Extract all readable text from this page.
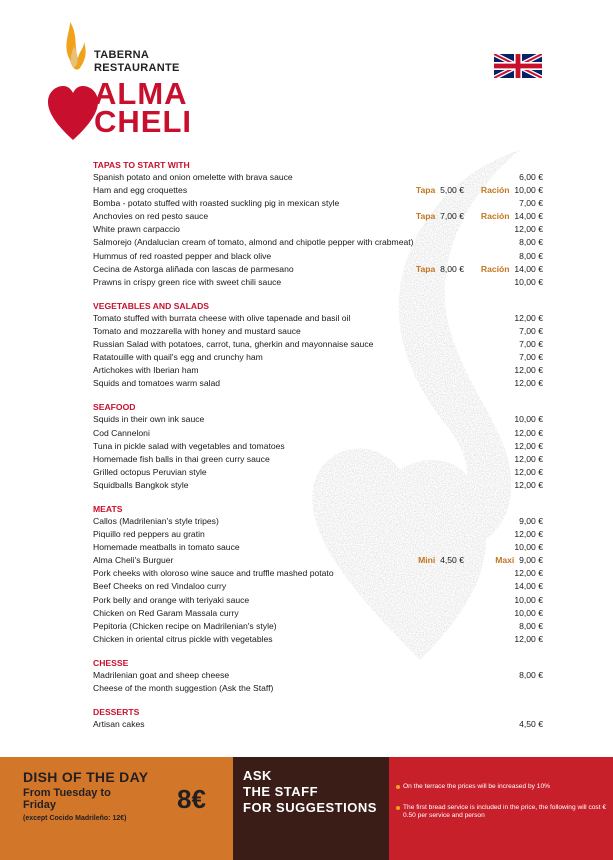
TABERNA
RESTAURANTE
ALMA
CHELI
TAPAS TO START WITH
Spanish potato and onion omelette with brava sauce	6,00 €
Ham and egg croquettes	Tapa 5,00 € Ración 10,00 €
Bomba - potato stuffed with roasted suckling pig in mexican style	7,00 €
Anchovies on red pesto sauce	Tapa 7,00 € Ración 14,00 €
White prawn carpaccio	12,00 €
Salmorejo (Andalucian cream of tomato, almond and chipotle pepper with crabmeat)	8,00 €
Hummus of red roasted pepper and black olive	8,00 €
Cecina de Astorga aliñada con lascas de parmesano	Tapa 8,00 € Ración 14,00 €
Prawns in crispy green rice with sweet chili sauce	10,00 €
VEGETABLES AND SALADS
Tomato stuffed with burrata cheese with olive tapenade and basil oil	12,00 €
Tomato and mozzarella with honey and mustard sauce	7,00 €
Russian Salad with potatoes, carrot, tuna, gherkin and mayonnaise sauce	7,00 €
Ratatouille with quail's egg and crunchy ham	7,00 €
Artichokes with Iberian ham	12,00 €
Squids and tomatoes warm salad	12,00 €
SEAFOOD
Squids in their own ink sauce	10,00 €
Cod Canneloni	12,00 €
Tuna in pickle salad with vegetables and tomatoes	12,00 €
Homemade fish balls in thai green curry sauce	12,00 €
Grilled octopus Peruvian style	12,00 €
Squidballs Bangkok style	12,00 €
MEATS
Callos (Madrilenian's style tripes)	9,00 €
Piquillo red peppers au gratin	12,00 €
Homemade meatballs in tomato sauce	10,00 €
Alma Cheli's Burguer	Mini 4,50 €	Maxi 9,00 €
Pork cheeks with oloroso wine sauce and truffle mashed potato	12,00 €
Beef Cheeks on red Vindaloo curry	14,00 €
Pork belly and orange with teriyaki sauce	10,00 €
Chicken on Red Garam Massala curry	10,00 €
Pepitoria (Chicken recipe on Madrilenian's style)	8,00 €
Chicken in oriental citrus pickle with vegetables	12,00 €
CHESSE
Madrilenian goat and sheep cheese	8,00 €
Cheese of the month suggestion (Ask the Staff)
DESSERTS
Artisan cakes	4,50 €
DISH OF THE DAY
From Tuesday to Friday	8€
(except Cocido Madrileño: 12€)
ASK
THE STAFF
FOR SUGGESTIONS
On the terrace the prices will be increased by 10%
The first bread service is included in the price, the following will cost € 0.50 per service and person
